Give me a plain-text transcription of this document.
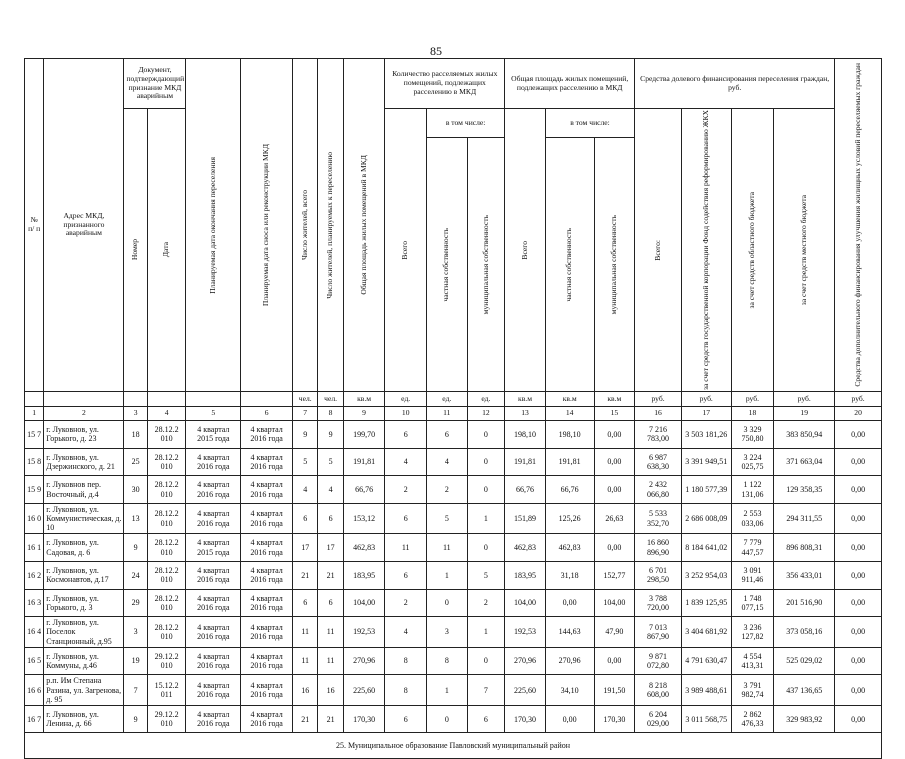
85
№ п/ п	Адрес МКД, признанного аварийным	Документ, подтверждающий признание МКД аварийным		Планируемая дата окончания переселения	Планируемая дата сноса или реконструкции МКД	Число жителей, всего	Число жителей, планируемых к переселению	Общая площадь жилых помещений в МКД	Количество расселяемых жилых помещений, подлежащих расселению в МКД			Общая площадь жилых помещений, подлежащих расселению в МКД			Средства долевого финансирования переселения граждан, руб.				Средства дополнительного финансирования улучшения жилищных условий переселяемых граждан

		Номер	Дата						Всего	в том числе:		Всего	в том числе:		Всего:	за счет средств государственной корпорации Фонд содействия реформированию ЖКХ	за счет средств областного бюджета	за счет средств местного бюджета	

										частная собственность	муниципальная собственность		частная собственность	муниципальная собственность					

						чел.	чел.	кв.м	ед.	ед.	ед.	кв.м	кв.м	кв.м	руб.	руб.	руб.	руб.	руб.
1	2	3	4	5	6	7	8	9	10	11	12	13	14	15	16	17	18	19	20
15 7	г. Луковнов, ул. Горького, д. 23	18	28.12.2 010	4 квартал 2015 года	4 квартал 2016 года	9	9	199,70	6	6	0	198,10	198,10	0,00	7 216 783,00	3 503 181,26	3 329 750,80	383 850,94	0,00
15 8	г. Луковнов, ул. Дзержинского, д. 21	25	28.12.2 010	4 квартал 2016 года	4 квартал 2016 года	5	5	191,81	4	4	0	191,81	191,81	0,00	6 987 638,30	3 391 949,51	3 224 025,75	371 663,04	0,00
15 9	г. Луковнов пер. Восточный, д.4	30	28.12.2 010	4 квартал 2016 года	4 квартал 2016 года	4	4	66,76	2	2	0	66,76	66,76	0,00	2 432 066,80	1 180 577,39	1 122 131,06	129 358,35	0,00
16 0	г. Луковнов, ул. Коммунистическая, д. 10	13	28.12.2 010	4 квартал 2016 года	4 квартал 2016 года	6	6	153,12	6	5	1	151,89	125,26	26,63	5 533 352,70	2 686 008,09	2 553 033,06	294 311,55	0,00
16 1	г. Луковнов, ул. Садовая, д. 6	9	28.12.2 010	4 квартал 2015 года	4 квартал 2016 года	17	17	462,83	11	11	0	462,83	462,83	0,00	16 860 896,90	8 184 641,02	7 779 447,57	896 808,31	0,00
16 2	г. Луковнов, ул. Космонавтов, д.17	24	28.12.2 010	4 квартал 2016 года	4 квартал 2016 года	21	21	183,95	6	1	5	183,95	31,18	152,77	6 701 298,50	3 252 954,03	3 091 911,46	356 433,01	0,00
16 3	г. Луковнов, ул. Горького, д. 3	29	28.12.2 010	4 квартал 2016 года	4 квартал 2016 года	6	6	104,00	2	0	2	104,00	0,00	104,00	3 788 720,00	1 839 125,95	1 748 077,15	201 516,90	0,00
16 4	г. Луковнов, ул. Поселок Станционный, д.95	3	28.12.2 010	4 квартал 2016 года	4 квартал 2016 года	11	11	192,53	4	3	1	192,53	144,63	47,90	7 013 867,90	3 404 681,92	3 236 127,82	373 058,16	0,00
16 5	г. Луковнов, ул. Коммуны, д.46	19	29.12.2 010	4 квартал 2016 года	4 квартал 2016 года	11	11	270,96	8	8	0	270,96	270,96	0,00	9 871 072,80	4 791 630,47	4 554 413,31	525 029,02	0,00
16 6	р.п. Им Степана Разина, ул. Загренова, д. 95	7	15.12.2 011	4 квартал 2016 года	4 квартал 2016 года	16	16	225,60	8	1	7	225,60	34,10	191,50	8 218 608,00	3 989 488,61	3 791 982,74	437 136,65	0,00
16 7	г. Луковнов, ул. Ленина, д. 66	9	29.12.2 010	4 квартал 2016 года	4 квартал 2016 года	21	21	170,30	6	0	6	170,30	0,00	170,30	6 204 029,00	3 011 568,75	2 862 476,33	329 983,92	0,00
25. Муниципальное образование Павловский муниципальный район																			
